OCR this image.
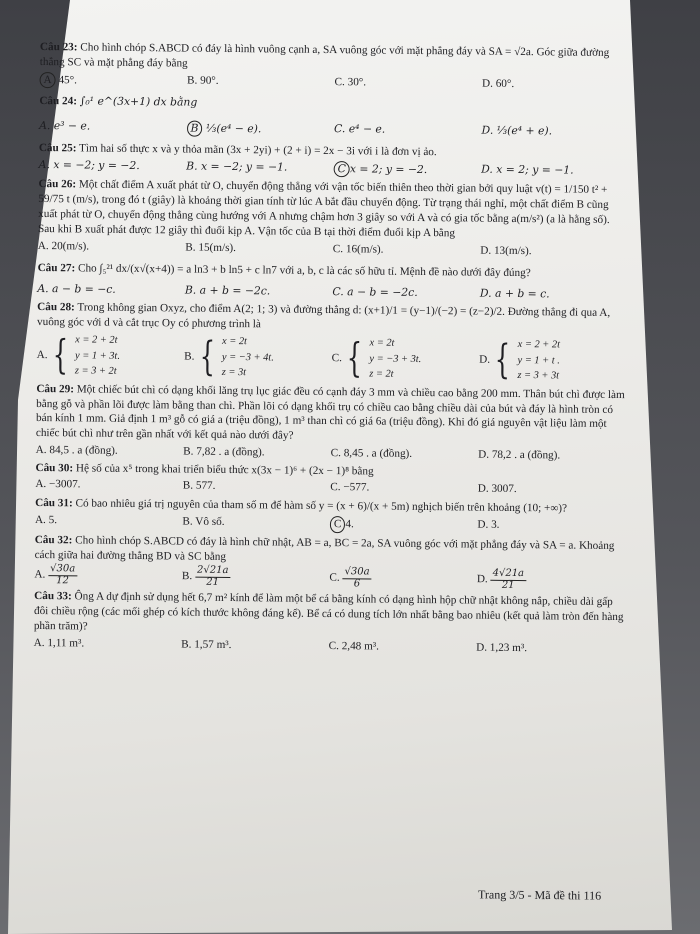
Câu 23: Cho hình chóp S.ABCD có đáy là hình vuông cạnh a, SA vuông góc với mặt phẳng đáy và SA = √2a. Góc giữa đường thẳng SC và mặt phẳng đáy bằng
A 45°.	B. 90°.	C. 30°.	D. 60°.
Câu 24: ∫₀¹ e^(3x+1) dx bằng
A. e³ − e.	B ⅓(e⁴ − e).	C. e⁴ − e.	D. ⅓(e⁴ + e).
Câu 25: Tìm hai số thực x và y thỏa mãn (3x + 2yi) + (2 + i) = 2x − 3i với i là đơn vị ảo.
A. x = −2; y = −2.	B. x = −2; y = −1.	C x = 2; y = −2.	D. x = 2; y = −1.
Câu 26: Một chất điểm A xuất phát từ O, chuyển động thẳng với vận tốc biến thiên theo thời gian bởi quy luật v(t) = 1/150 t² + 59/75 t (m/s), trong đó t (giây) là khoảng thời gian tính từ lúc A bắt đầu chuyển động. Từ trạng thái nghỉ, một chất điểm B cũng xuất phát từ O, chuyển động thẳng cùng hướng với A nhưng chậm hơn 3 giây so với A và có gia tốc bằng a(m/s²) (a là hằng số). Sau khi B xuất phát được 12 giây thì đuổi kịp A. Vận tốc của B tại thời điểm đuổi kịp A bằng
A. 20(m/s).	B. 15(m/s).	C. 16(m/s).	D. 13(m/s).
Câu 27: Cho ∫₅²¹ dx/(x√(x+4)) = a ln3 + b ln5 + c ln7 với a, b, c là các số hữu tỉ. Mệnh đề nào dưới đây đúng?
A. a − b = −c.	B. a + b = −2c.	C. a − b = −2c.	D. a + b = c.
Câu 28: Trong không gian Oxyz, cho điểm A(2; 1; 3) và đường thẳng d: (x+1)/1 = (y−1)/(−2) = (z−2)/2. Đường thẳng đi qua A, vuông góc với d và cắt trục Oy có phương trình là
A. { x = 2 + 2t
y = 1 + 3t.
z = 3 + 2t
B. { x = 2t
y = −3 + 4t.
z = 3t
C. { x = 2t
y = −3 + 3t.
z = 2t
D. { x = 2 + 2t
y = 1 + t .
z = 3 + 3t
Câu 29: Một chiếc bút chì có dạng khối lăng trụ lục giác đều có cạnh đáy 3 mm và chiều cao bằng 200 mm. Thân bút chì được làm bằng gỗ và phần lõi được làm bằng than chì. Phần lõi có dạng khối trụ có chiều cao bằng chiều dài của bút và đáy là hình tròn có bán kính 1 mm. Giả định 1 m³ gỗ có giá a (triệu đồng), 1 m³ than chì có giá 6a (triệu đồng). Khi đó giá nguyên vật liệu làm một chiếc bút chì như trên gần nhất với kết quả nào dưới đây?
A. 84,5 . a (đồng).	B. 7,82 . a (đồng).	C. 8,45 . a (đồng).	D. 78,2 . a (đồng).
Câu 30: Hệ số của x⁵ trong khai triển biểu thức x(3x − 1)⁶ + (2x − 1)⁸ bằng
A. −3007.	B. 577.	C. −577.	D. 3007.
Câu 31: Có bao nhiêu giá trị nguyên của tham số m để hàm số y = (x + 6)/(x + 5m) nghịch biến trên khoảng (10; +∞)?
A. 5.	B. Vô số.	C 4.	D. 3.
Câu 32: Cho hình chóp S.ABCD có đáy là hình chữ nhật, AB = a, BC = 2a, SA vuông góc với mặt phẳng đáy và SA = a. Khoảng cách giữa hai đường thẳng BD và SC bằng
A. $\frac{√30a}{12}$	B. $\frac{2√21a}{21}$	C. $\frac{√30a}{6}$	D. $\frac{4√21a}{21}$
Câu 33: Ông A dự định sử dụng hết 6,7 m² kính để làm một bể cá bằng kính có dạng hình hộp chữ nhật không nắp, chiều dài gấp đôi chiều rộng (các mối ghép có kích thước không đáng kể). Bể cá có dung tích lớn nhất bằng bao nhiêu (kết quả làm tròn đến hàng phần trăm)?
A. 1,11 m³.	B. 1,57 m³.	C. 2,48 m³.	D. 1,23 m³.
Trang 3/5 - Mã đề thi 116
